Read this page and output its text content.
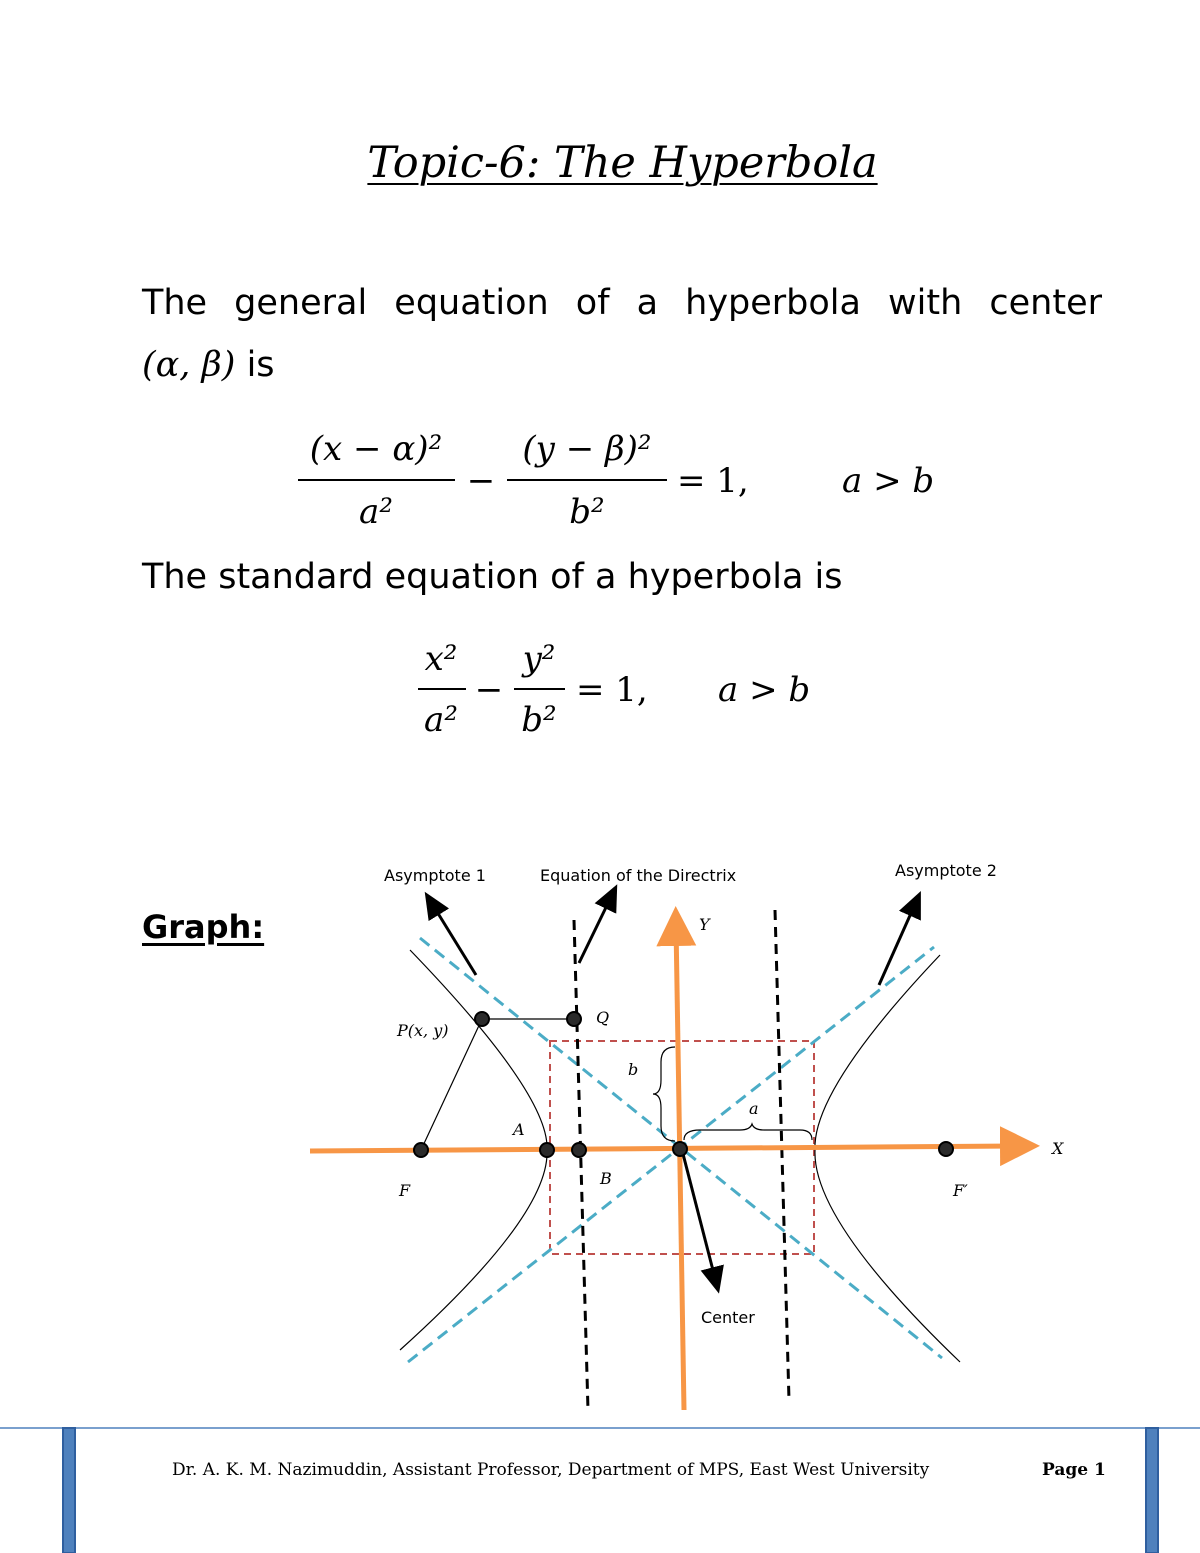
Topic-6: The Hyperbola
The general equation of a hyperbola with center
(α, β) is
(x − α)²
a²
−
(y − β)²
b²
= 1,	a > b
x²
a²
−
y²
b²
= 1, a > b
Asymptote 1	Equation of the Directrix	Asymptote 2
Center
Y
X
P(x, y)
Q
b
a
A
B
F	F′
The standard equation of a hyperbola is
Graph:
Dr. A. K. M. Nazimuddin, Assistant Professor, Department of MPS, East West University	Page 1
